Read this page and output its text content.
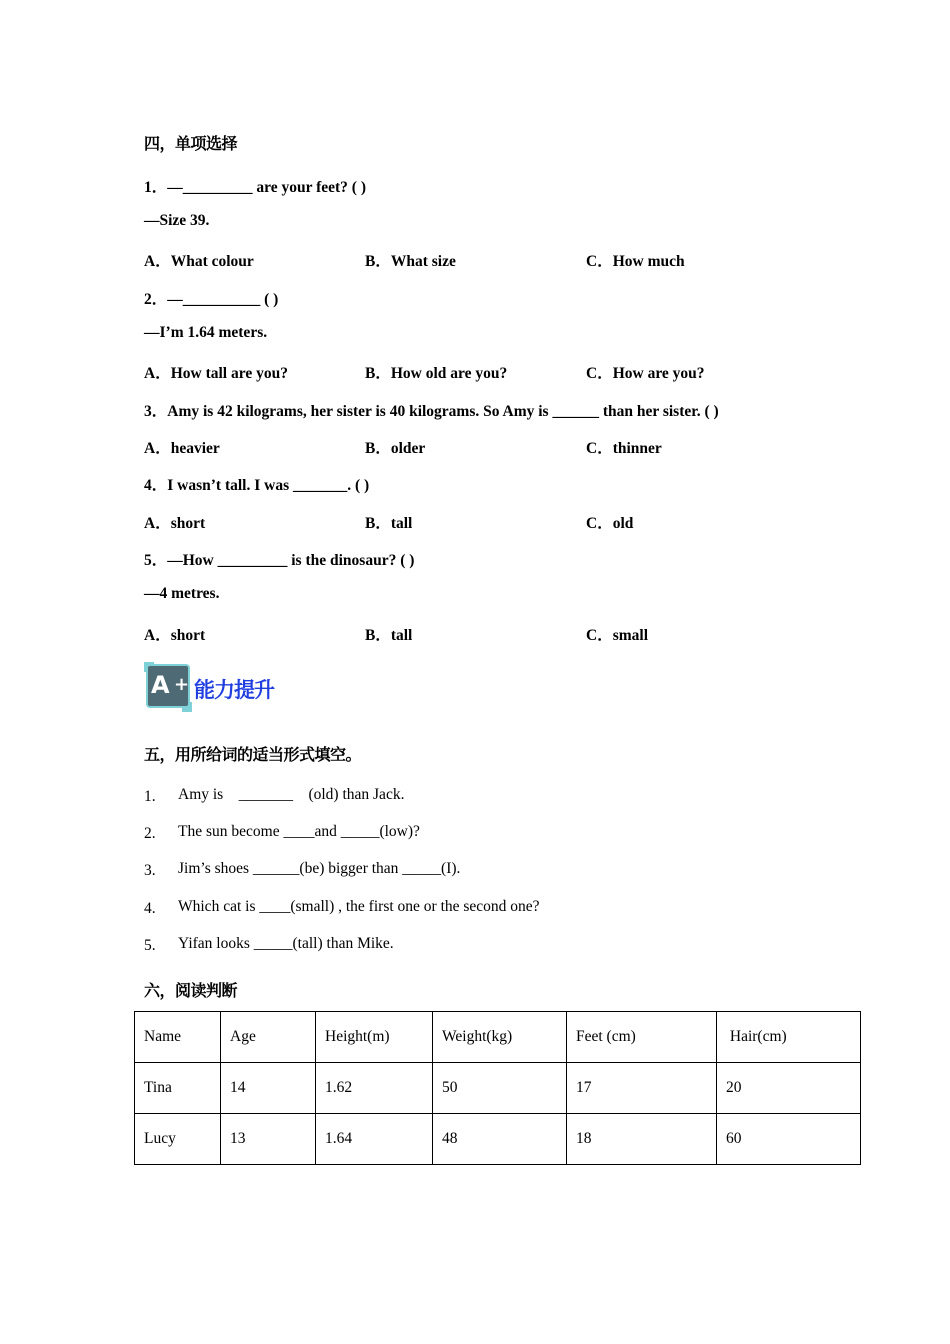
四，单项选择
1．—_________ are your feet? ( )
—Size 39.
A．What colour	B．What size	C．How much
2．—__________ ( )
—I’m 1.64 meters.
A．How tall are you?	B．How old are you?	C．How are you?
3．Amy is 42 kilograms, her sister is 40 kilograms. So Amy is ______ than her sister. ( )
A．heavier	B．older	C．thinner
4．I wasn’t tall. I was _______. ( )
A．short	B．tall	C．old
5．—How _________ is the dinosaur? ( )
—4 metres.
A．short	B．tall	C．small
A + 能力提升
五，用所给词的适当形式填空。
1. Amy is    _______    (old) than Jack.
2. The sun become ____and _____(low)?
3. Jim’s shoes ______(be) bigger than _____(I).
4. Which cat is ____(small) , the first one or the second one?
5. Yifan looks _____(tall) than Mike.
六，阅读判断
Name	Age	Height(m)	Weight(kg)	Feet (cm)	Hair(cm)
Tina	14	1.62	50	17	20
Lucy	13	1.64	48	18	60
